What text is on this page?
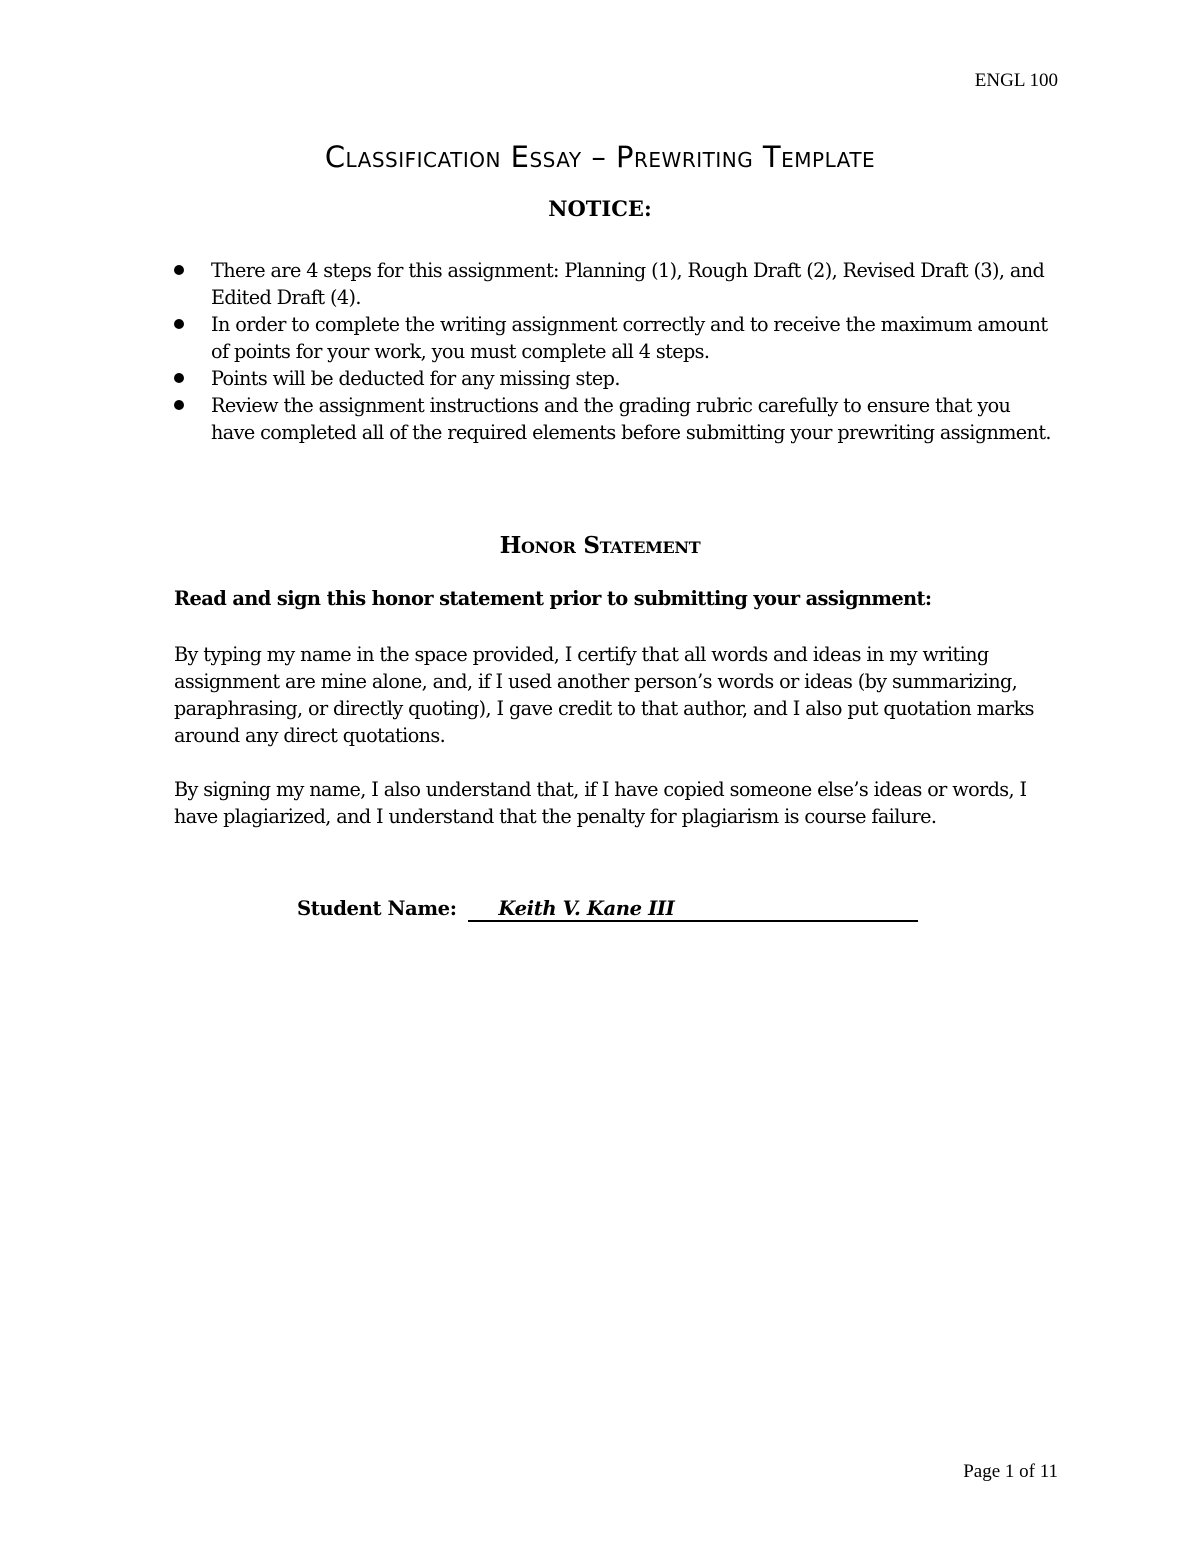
ENGL 100
Classification Essay – Prewriting Template
NOTICE:
There are 4 steps for this assignment: Planning (1), Rough Draft (2), Revised Draft (3), and Edited Draft (4).
In order to complete the writing assignment correctly and to receive the maximum amount of points for your work, you must complete all 4 steps.
Points will be deducted for any missing step.
Review the assignment instructions and the grading rubric carefully to ensure that you have completed all of the required elements before submitting your prewriting assignment.
Honor Statement

Read and sign this honor statement prior to submitting your assignment:

By typing my name in the space provided, I certify that all words and ideas in my writing assignment are mine alone, and, if I used another person’s words or ideas (by summarizing, paraphrasing, or directly quoting), I gave credit to that author, and I also put quotation marks around any direct quotations.

By signing my name, I also understand that, if I have copied someone else’s ideas or words, I have plagiarized, and I understand that the penalty for plagiarism is course failure.

Student Name: Keith V. Kane III
Page 1 of 11
